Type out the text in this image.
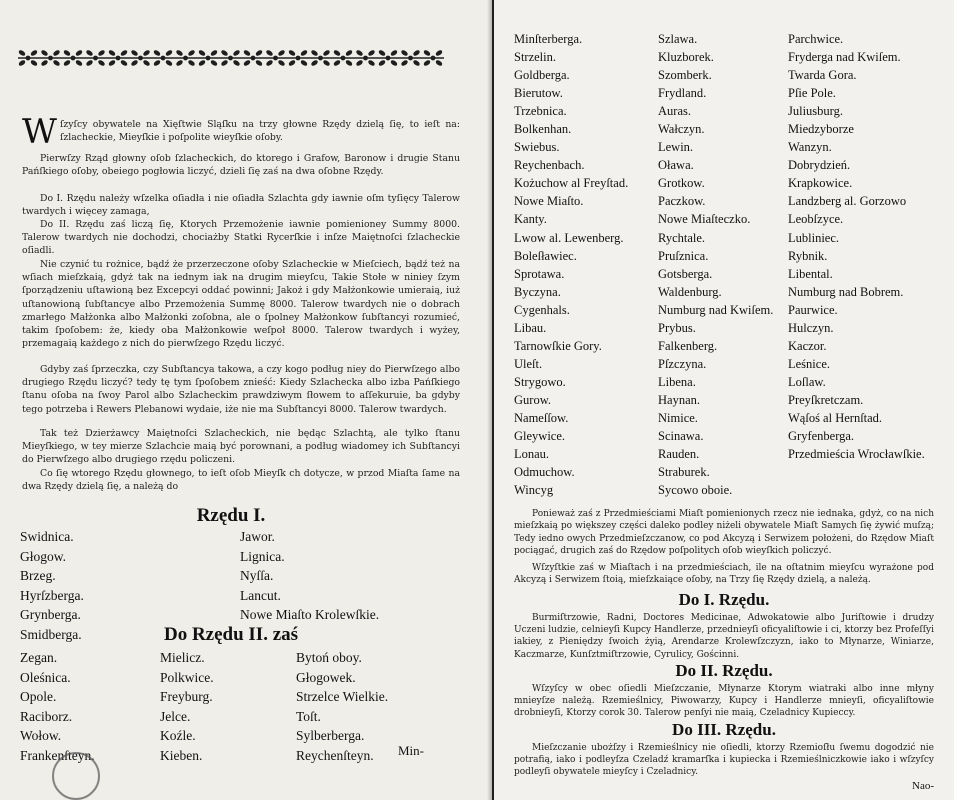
Wſzyſcy obywatele na Xięſtwie Sląſku na trzy głowne Rzędy dzielą ſię, to ieſt na: ſzlacheckie, Mieyſkie i poſpolite wieyſkie oſoby.

Pierwſzy Rząd głowny oſob ſzlacheckich, do ktorego i Grafow, Baronow i drugie Stanu Pańſkiego oſoby, obeiego pogłowia liczyć, dzieli ſię zaś na dwa oſobne Rzędy.

Do I. Rzędu należy wſzelka oſiadła i nie oſiadła Szlachta gdy iawnie oſm tyſięcy Talerow twardych i więcey zamaga,

Do II. Rzędu zaś liczą ſię, Ktorych Przemożenie iawnie pomienioney Summy 8000. Talerow twardych nie dochodzi, chociażby Statki Rycerſkie i inſze Maiętnoſci ſzlacheckie oſiadli.

Nie czynić tu rożnice, bądź że przerzeczone oſoby Szlacheckie w Mieſciech, bądź też na wſiach mieſzkaią, gdyż tak na iednym iak na drugim mieyſcu, Takie Stołe w niniey ſzym ſporządzeniu uſtawioną bez Excepcyi oddać powinni; Jakoż i gdy Małżonkowie umieraią, iuż uſtanowioną ſubſtancye albo Przemożenia Summę 8000. Talerow twardych nie o dobrach zmarłego Małżonka albo Małżonki zoſobna, ale o ſpolney Małżonkow ſubſtancyi rozumieć, takim ſpoſobem: że, kiedy oba Małżonkowie weſpoł 8000. Talerow twardych i wyżey, przemagaią każdego z nich do pierwſzego Rzędu liczyć.

Gdyby zaś ſprzeczka, czy Subſtancya takowa, a czy kogo podług niey do Pierwſzego albo drugiego Rzędu liczyć? tedy tę tym ſpoſobem znieść: Kiedy Szlachecka albo izba Pańſkiego ſtanu oſoba na ſwoy Parol albo Szlacheckim prawdziwym ſłowem to aſſekuruie, ba gdyby tego potrzeba i Rewers Plebanowi wydaie, iże nie ma Subſtancyi 8000. Talerow twardych.

Tak też Dzierżawcy Maiętnoſci Szlacheckich, nie będąc Szlachtą, ale tylko ſtanu Mieyſkiego, w tey mierze Szlachcie maią być porownani, a podług wiadomey ich Subſtancyi do Pierwſzego albo drugiego rzędu policzeni.

Co ſię wtorego Rzędu głownego, to ieſt oſob Mieyſk ch dotycze, w przod Miaſta ſame na dwa Rzędy dzielą ſię, a należą do

Rzędu I.
Swidnica.
Głogow.
Brzeg.
Hyrſzberga.
Grynberga.
Smidberga.
Jawor.
Lignica.
Nyſſa.
Lancut.
Nowe Miaſto Krolewſkie.
Do Rzędu II. zaś
Zegan.
Oleśnica.
Opole.
Raciborz.
Wołow.
Frankenſteyn.
Mielicz.
Polkwice.
Freyburg.
Jelce.
Koźle.
Kieben.
Bytoń oboy.
Głogowek.
Strzelce Wielkie.
Toſt.
Sylberberga.
Reychenſteyn.	Min-
Minſterberga.
Strzelin.
Goldberga.
Bierutow.
Trzebnica.
Bolkenhan.
Swiebus.
Reychenbach.
Kożuchow al Freyſtad.
Nowe Miaſto.
Kanty.
Lwow al. Lewenberg.
Boleſławiec.
Sprotawa.
Byczyna.
Cygenhals.
Libau.
Tarnowſkie Gory.
Uleſt.
Strygowo.
Gurow.
Nameſſow.
Gleywice.
Lonau.
Odmuchow.
Wincyg
Szlawa.
Kluzborek.
Szomberk.
Frydland.
Auras.
Wałczyn.
Lewin.
Oławа.
Grotkow.
Paczkow.
Nowe Miaſteczko.
Rychtale.
Pruſznica.
Gotsberga.
Waldenburg.
Numburg nad Kwiſem.
Prybus.
Falkenberg.
Pſzczyna.
Libena.
Haynan.
Nimice.
Scinawa.
Rauden.
Straburek.
Sycowo oboie.
Parchwice.
Fryderga nad Kwiſem.
Twarda Gora.
Pſie Pole.
Juliusburg.
Miedzyborze
Wanzyn.
Dobrydzień.
Krapkowice.
Landzberg al. Gorzowo
Leobſzyce.
Lubliniec.
Rybnik.
Libental.
Numburg nad Bobrem.
Paurwice.
Hulczyn.
Kaczor.
Leśnice.
Loſlaw.
Preyſkretczam.
Wąſoś al Hernſtad.
Gryfenberga.
Przedmieścia Wrocławſkie.

Ponieważ zaś z Przedmieściami Miaſt pomienionych rzecz nie iednaka, gdyż, co na nich mieſzkaią po większey części daleko podley niżeli obywatele Miaſt Samych ſię żywić muſzą; Tedy iedno owych Przedmieſzczanow, co pod Akcyzą i Serwizem położeni, do Rzędow Miaſt pociągać, drugich zaś do Rzędow poſpolitych oſob wieyſkich policzyć.

Wſzyſtkie zaś w Miaſtach i na przedmieściach, ile na oſtatnim mieyſcu wyrażone pod Akcyzą i Serwizem ſtoią, mieſzkaiące oſoby, na Trzy ſię Rzędy dzielą, a należą.

Do I. Rzędu.

Burmiſtrzowie, Radni, Doctores Medicinae, Adwokatowie albo Juriſtowie i drudzy Uczeni ludzie, celnieyſi Kupcy Handlerze, przednieyſi oficyaliſtowie i ci, ktorzy bez Profeſſyi iakiey, z Pieniędzy ſwoich żyią, Arendarze Krolewſzczyzn, iako to Młynarze, Winiarze, Kaczmarze, Kunſztmiſtrzowie, Cyrulicy, Gościnni.

Do II. Rzędu.

Wſzyſcy w obec oſiedli Mieſzczanie, Młynarze Ktorym wiatraki albo inne młyny mnieyſze należą. Rzemieślnicy, Piwowarzy, Kupcy i Handlerze mnieyſi, oficyaliſtowie drobnieyſi, Ktorzy corok 30. Talerow penſyi nie maią, Czeladnicy Kupieccy.

Do III. Rzędu.

Mieſzczanie ubożſzy i Rzemieślnicy nie oſiedli, ktorzy Rzemioſłu ſwemu dogodzić nie potrafią, iako i podleyſza Czeladź kramarſka i kupiecka i Rzemieślniczkowie iako i wſzyſcy podleyſi obywatele mieyſcy i Czeladnicy.

Nao-
